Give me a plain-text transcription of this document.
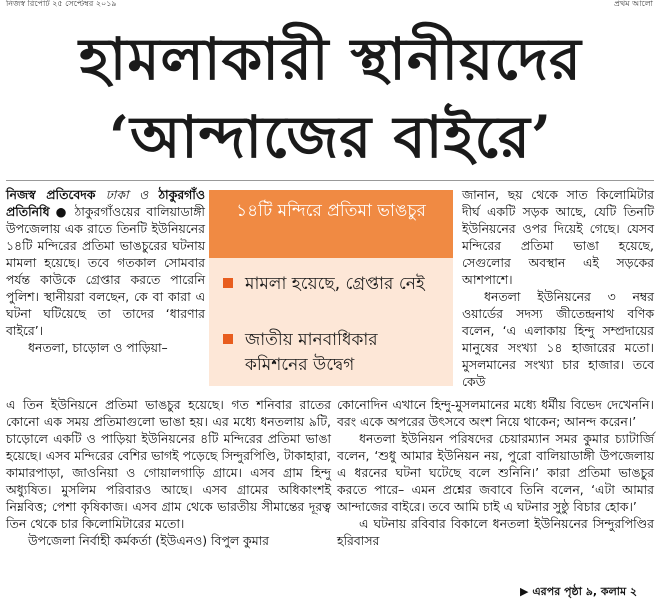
নিজস্ব রিপোর্ট ২৫ সেপ্টেম্বর ২০১৯	প্রথম আলো
হামলাকারী স্থানীয়দের
‘আন্দাজের বাইরে’

নিজস্ব প্রতিবেদক ঢাকা ও ঠাকুরগাঁও প্রতিনিধি ● ঠাকুরগাঁওয়ের বালিয়াডাঙ্গী উপজেলায় এক রাতে তিনটি ইউনিয়নের ১৪টি মন্দিরের প্রতিমা ভাঙচুরের ঘটনায় মামলা হয়েছে। তবে গতকাল সোমবার পর্যন্ত কাউকে গ্রেপ্তার করতে পারেনি পুলিশ। স্থানীয়রা বলছেন, কে বা কারা এ ঘটনা ঘটিয়েছে তা তাদের ‘ধারণার বাইরে’।

ধনতলা, চাড়োল ও পাড়িয়া–

১৪টি মন্দিরে প্রতিমা ভাঙচুর
মামলা হয়েছে, গ্রেপ্তার নেই
জাতীয় মানবাধিকার কমিশনের উদ্বেগ

জানান, ছয় থেকে সাত কিলোমিটার দীর্ঘ একটি সড়ক আছে, যেটি তিনটি ইউনিয়নের ওপর দিয়েই গেছে। যেসব মন্দিরের প্রতিমা ভাঙা হয়েছে, সেগুলোর অবস্থান এই সড়কের আশপাশে।

ধনতলা ইউনিয়নের ৩ নম্বর ওয়ার্ডের সদস্য জীতেন্দ্রনাথ বণিক বলেন, ‘এ এলাকায় হিন্দু সম্প্রদায়ের মানুষের সংখ্যা ১৪ হাজারের মতো। মুসলমানের সংখ্যা চার হাজার। তবে কেউ

এ তিন ইউনিয়নে প্রতিমা ভাঙচুর হয়েছে। গত শনিবার রাতের কোনো এক সময় প্রতিমাগুলো ভাঙা হয়। এর মধ্যে ধনতলায় ৯টি, চাড়োলে একটি ও পাড়িয়া ইউনিয়নের ৪টি মন্দিরের প্রতিমা ভাঙা হয়েছে। এসব মন্দিরের বেশির ভাগই পড়েছে সিন্দুরপিণ্ডি, টাকাহারা, কামারপাড়া, জাওনিয়া ও গোয়ালগাড়ি গ্রামে। এসব গ্রাম হিন্দু অধ্যুষিত। মুসলিম পরিবারও আছে। এসব গ্রামের অধিকাংশই নিম্নবিত্ত; পেশা কৃষিকাজ। এসব গ্রাম থেকে ভারতীয় সীমান্তের দূরত্ব তিন থেকে চার কিলোমিটারের মতো।

উপজেলা নির্বাহী কর্মকর্তা (ইউএনও) বিপুল কুমার

কোনোদিন এখানে হিন্দু-মুসলমানের মধ্যে ধর্মীয় বিভেদ দেখেননি। বরং একে অপরের উৎসবে অংশ নিয়ে থাকেন; আনন্দ করেন।’

ধনতলা ইউনিয়ন পরিষদের চেয়ারম্যান সমর কুমার চ্যাটার্জি বলেন, ‘শুধু আমার ইউনিয়ন নয়, পুরো বালিয়াডাঙ্গী উপজেলায় এ ধরনের ঘটনা ঘটেছে বলে শুনিনি।’ কারা প্রতিমা ভাঙচুর করতে পারে– এমন প্রশ্নের জবাবে তিনি বলেন, ‘এটা আমার আন্দাজের বাইরে। তবে আমি চাই এ ঘটনার সুষ্ঠু বিচার হোক।’

এ ঘটনায় রবিবার বিকালে ধনতলা ইউনিয়নের সিন্দুরপিণ্ডির হরিবাসর

▶ এরপর পৃষ্ঠা ৯, কলাম ২
